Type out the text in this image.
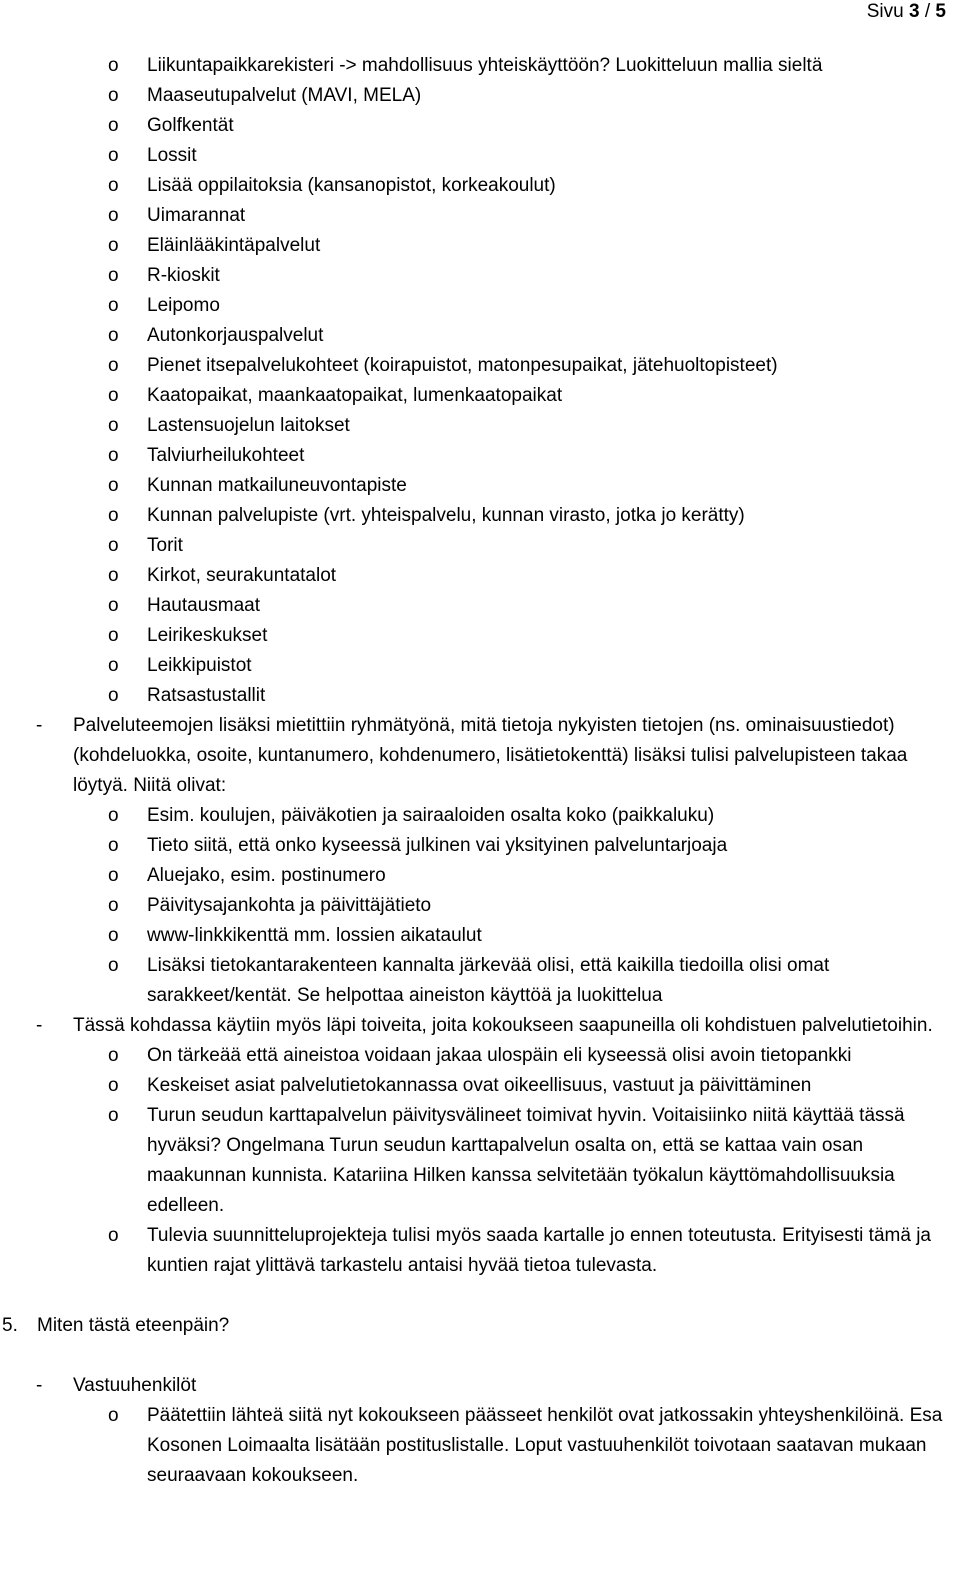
Sivu 3 / 5

o Liikuntapaikkarekisteri -> mahdollisuus yhteiskäyttöön? Luokitteluun mallia sieltä

o Maaseutupalvelut (MAVI, MELA)

o Golfkentät

o Lossit

o Lisää oppilaitoksia (kansanopistot, korkeakoulut)

o Uimarannat

o Eläinlääkintäpalvelut

o R-kioskit

o Leipomo

o Autonkorjauspalvelut

o Pienet itsepalvelukohteet (koirapuistot, matonpesupaikat, jätehuoltopisteet)

o Kaatopaikat, maankaatopaikat, lumenkaatopaikat

o Lastensuojelun laitokset

o Talviurheilukohteet

o Kunnan matkailuneuvontapiste

o Kunnan palvelupiste (vrt. yhteispalvelu, kunnan virasto, jotka jo kerätty)

o Torit

o Kirkot, seurakuntatalot

o Hautausmaat

o Leirikeskukset

o Leikkipuistot

o Ratsastustallit

- Palveluteemojen lisäksi mietittiin ryhmätyönä, mitä tietoja nykyisten tietojen (ns. ominaisuustiedot) (kohdeluokka, osoite, kuntanumero, kohdenumero, lisätietokenttä) lisäksi tulisi palvelupisteen takaa löytyä. Niitä olivat:

o Esim. koulujen, päiväkotien ja sairaaloiden osalta koko (paikkaluku)

o Tieto siitä, että onko kyseessä julkinen vai yksityinen palveluntarjoaja

o Aluejako, esim. postinumero

o Päivitysajankohta ja päivittäjätieto

o www-linkkikenttä mm. lossien aikataulut

o Lisäksi tietokantarakenteen kannalta järkevää olisi, että kaikilla tiedoilla olisi omat sarakkeet/kentät. Se helpottaa aineiston käyttöä ja luokittelua

- Tässä kohdassa käytiin myös läpi toiveita, joita kokoukseen saapuneilla oli kohdistuen palvelutietoihin.

o On tärkeää että aineistoa voidaan jakaa ulospäin eli kyseessä olisi avoin tietopankki

o Keskeiset asiat palvelutietokannassa ovat oikeellisuus, vastuut ja päivittäminen

o Turun seudun karttapalvelun päivitysvälineet toimivat hyvin. Voitaisiinko niitä käyttää tässä hyväksi? Ongelmana Turun seudun karttapalvelun osalta on, että se kattaa vain osan maakunnan kunnista. Katariina Hilken kanssa selvitetään työkalun käyttömahdollisuuksia edelleen.

o Tulevia suunnitteluprojekteja tulisi myös saada kartalle jo ennen toteutusta. Erityisesti tämä ja kuntien rajat ylittävä tarkastelu antaisi hyvää tietoa tulevasta.

5. Miten tästä eteenpäin?

- Vastuuhenkilöt

o Päätettiin lähteä siitä nyt kokoukseen päässeet henkilöt ovat jatkossakin yhteyshenkilöinä. Esa Kosonen Loimaalta lisätään postituslistalle. Loput vastuuhenkilöt toivotaan saatavan mukaan seuraavaan kokoukseen.
